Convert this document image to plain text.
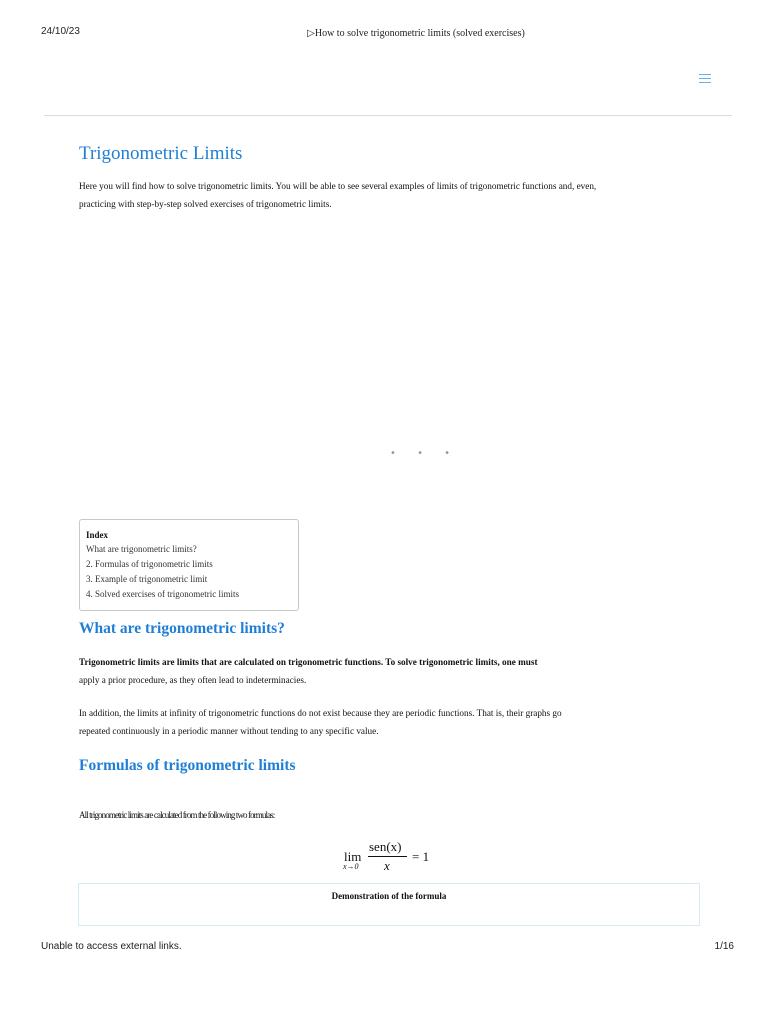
24/10/23	▷How to solve trigonometric limits (solved exercises)
Trigonometric Limits
Here you will find how to solve trigonometric limits. You will be able to see several examples of limits of trigonometric functions and, even,
practicing with step-by-step solved exercises of trigonometric limits.
• • •
Index
What are trigonometric limits?
2. Formulas of trigonometric limits
3. Example of trigonometric limit
4. Solved exercises of trigonometric limits
What are trigonometric limits?
Trigonometric limits are limits that are calculated on trigonometric functions. To solve trigonometric limits, one must
apply a prior procedure, as they often lead to indeterminacies.
In addition, the limits at infinity of trigonometric functions do not exist because they are periodic functions. That is, their graphs go
repeated continuously in a periodic manner without tending to any specific value.
Formulas of trigonometric limits
All trigonometric limits are calculated from the following two formulas:
lim
x→0
sen(x)
x
= 1
Demonstration of the formula
Unable to access external links.	1/16
